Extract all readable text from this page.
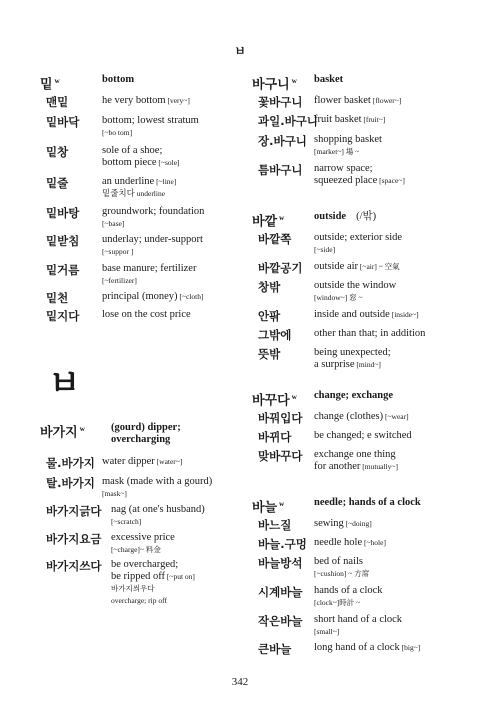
ㅂ
밑 $^w$	bottom
맨밑	he very bottom [very~]
밑바닥 bottom; lowest stratum
[~bo tom]
밑창	sole of a shoe;
bottom piece [~sole]
밑줄	an underline [~line]
밑줄치다 underline
밑바탕 groundwork; foundation
[~base]
밑받침 underlay; under-support
[~suppor ]
밑거름 base manure; fertilizer
[~fertilizer]
밑천	principal (money) [~cloth]
밑지다 lose on the cost price
ㅂ
바가지 $^w$	(gourd) dipper;
overcharging
물.바가지 water dipper [water~]
탈.바가지 mask (made with a gourd)
[mask~]
바가지긁다 nag (at one's husband)
[~scratch]
바가지요금 excessive price
[~charge]~ 料金
바가지쓰다 be overcharged;
be ripped off [~put on]
바가지씌우다
overcharge; rip off
바구니 $^w$ basket
꽃바구니 flower basket [flower~]
과일.바구니
fruit basket [fruit~]
장.바구니 shopping basket
[market~] 場 ~
틈바구니 narrow space;
squeezed place [space~]
바깥 $^w$	outside (/밖)
바깥쪽 outside; exterior side
[~side]
바깥공기 outside air [~air] ~ 空氣
창밖	outside the window
[window~] 窓 ~
안팎	inside and outside [inside~]
그밖에 other than that; in addition
뜻밖	being unexpected;
a surprise [mind~]
바꾸다 $^w$ change; exchange
바꿔입다 change (clothes) [~wear]
바뀌다 be changed; e switched
맞바꾸다 exchange one thing
for another [mutually~]
바늘 $^w$	needle; hands of a clock
바느질 sewing [~doing]
바늘.구멍 needle hole [~hole]
바늘방석 bed of nails
[~cushion] ~ 方席
시계바늘 hands of a clock
[clock~]時計 ~
작은바늘 short hand of a clock
[small~]
큰바늘 long hand of a clock [big~]
342
